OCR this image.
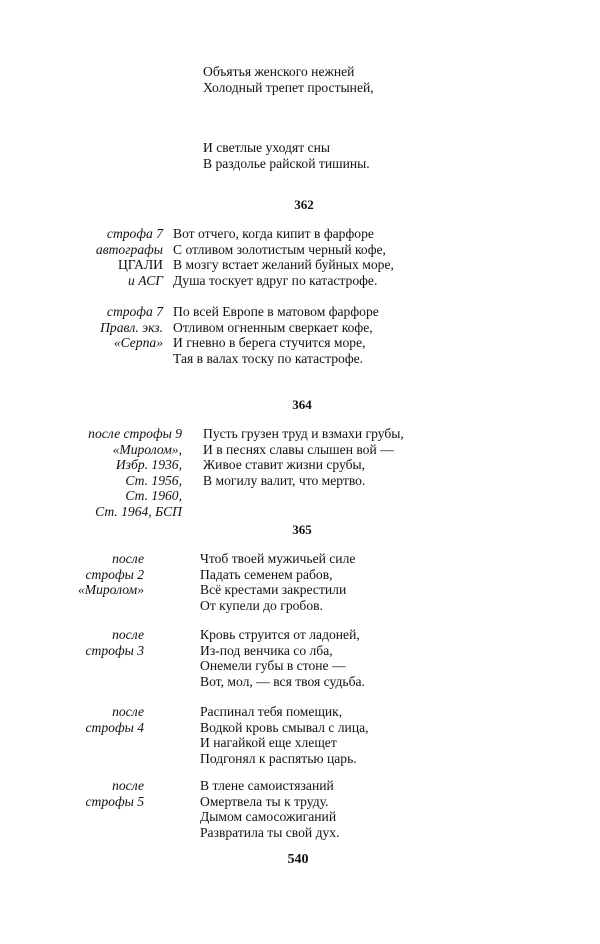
Объятья женского нежней
Холодный трепет простыней,
И светлые уходят сны
В раздолье райской тишины.
362
строфа 7
автографы
ЦГАЛИ
и АСГ
Вот отчего, когда кипит в фарфоре
С отливом золотистым черный кофе,
В мозгу встает желаний буйных море,
Душа тоскует вдруг по катастрофе.
строфа 7
Правл. экз.
«Серпа»
По всей Европе в матовом фарфоре
Отливом огненным сверкает кофе,
И гневно в берега стучится море,
Тая в валах тоску по катастрофе.
364
после строфы 9
«Миролом»,
Избр. 1936,
Ст. 1956,
Ст. 1960,
Ст. 1964, БСП
Пусть грузен труд и взмахи грубы,
И в песнях славы слышен вой —
Живое ставит жизни срубы,
В могилу валит, что мертво.
365
после
строфы 2
«Миролом»
Чтоб твоей мужичьей силе
Падать семенем рабов,
Всё крестами закрестили
От купели до гробов.
после
строфы 3
Кровь струится от ладоней,
Из-под венчика со лба,
Онемели губы в стоне —
Вот, мол, — вся твоя судьба.
после
строфы 4
Распинал тебя помещик,
Водкой кровь смывал с лица,
И нагайкой еще хлещет
Подгонял к распятью царь.
после
строфы 5
В тлене самоистязаний
Омертвела ты к труду.
Дымом самосожиганий
Развратила ты свой дух.
540
